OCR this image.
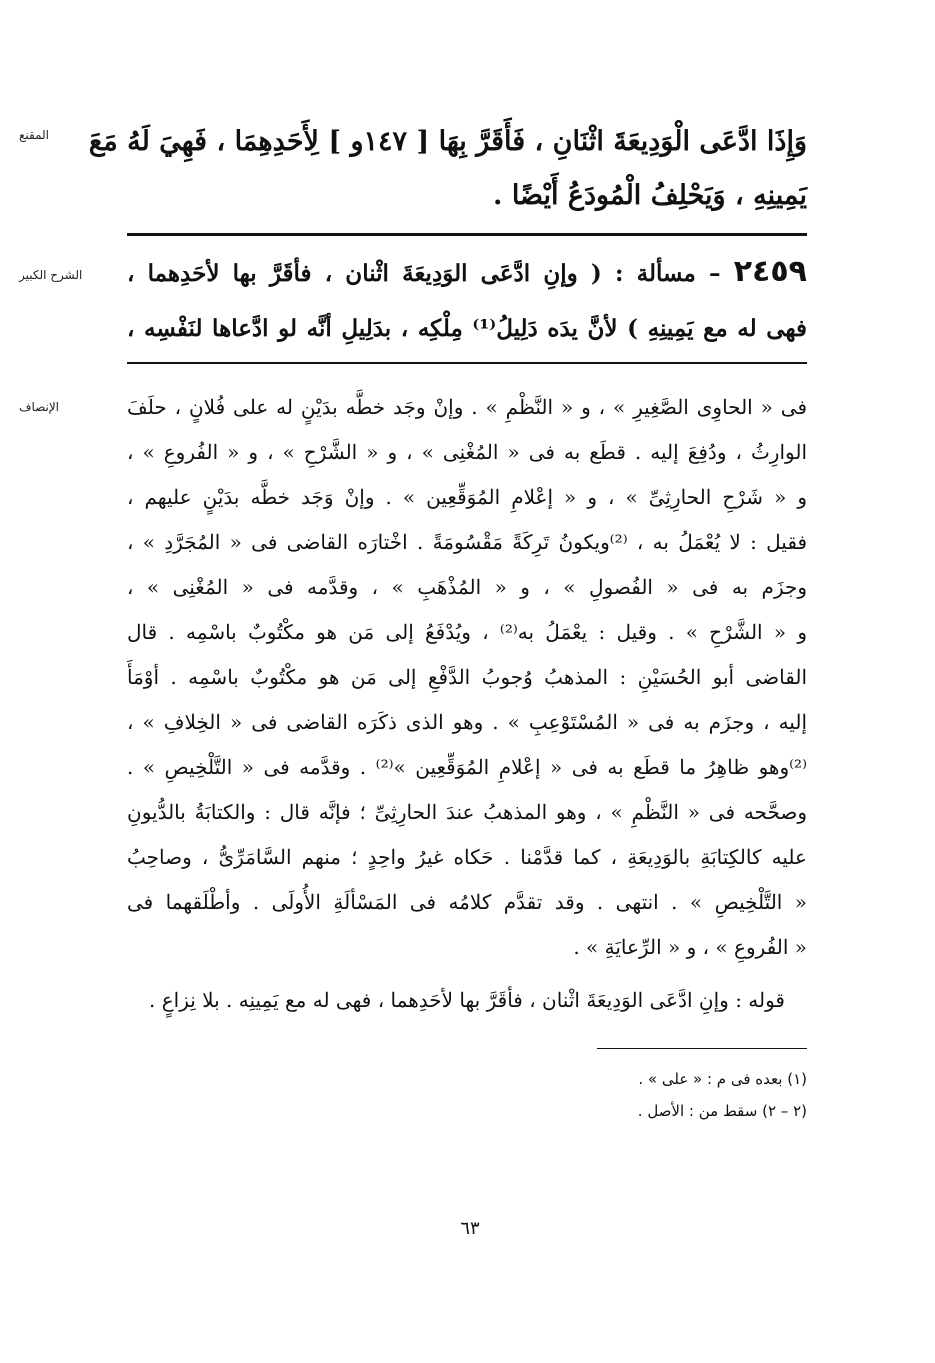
المقنع
الشرح الكبير
الإنصاف
وَإِذَا ادَّعَى الْوَدِيعَةَ اثْنَانِ ، فَأَقَرَّ بِهَا [ ١٤٧و ] لِأَحَدِهِمَا ، فَهِيَ لَهُ مَعَ
يَمِينِهِ ، وَيَحْلِفُ الْمُودَعُ أَيْضًا .
٢٤٥٩ – مسألة : ( وإنِ ادَّعَى الوَدِيعَةَ اثْنان ، فأقَرَّ بها لأحَدِهما ،
فهى له مع يَمِينِهِ ) لأنَّ يدَه دَلِيلُ⁽¹⁾ مِلْكِه ، بدَلِيلِ أنَّه لو ادَّعاها لنَفْسِه ،
فى « الحاوِى الصَّغِيرِ » ، و « النَّظْمِ » . وإنْ وجَد خطَّه بدَيْنٍ له على فُلانٍ ، حلَفَ
الوارِثُ ، ودُفِعَ إليه . قطَع به فى « المُغْنِى » ، و « الشَّرْحِ » ، و « الفُروعِ » ،
و « شَرْحِ الحارِثِىِّ » ، و « إعْلامِ المُوَقِّعِين » . وإنْ وَجَد خطَّه بدَيْنٍ عليهم ،
فقيل : لا يُعْمَلُ به ، ⁽²⁾ويكونُ تَرِكَةً مَقْسُومَةً . اخْتارَه القاضى فى « المُجَرَّدِ » ،
وجزَم به فى « الفُصولِ » ، و « المُذْهَبِ » ، وقدَّمه فى « المُغْنِى » ،
و « الشَّرْحِ » . وقيل : يعْمَلُ به⁽²⁾ ، ويُدْفَعُ إلى مَن هو مكْتُوبٌ باسْمِه . قال
القاضى أبو الحُسَيْنِ : المذهبُ وُجوبُ الدَّفْعِ إلى مَن هو مكْتُوبٌ باسْمِه . أوْمَأَ
إليه ، وجزَم به فى « المُسْتَوْعِبِ » . وهو الذى ذكَرَه القاضى فى « الخِلافِ » ،
⁽²⁾وهو ظاهِرُ ما قطَع به فى « إعْلامِ المُوَقِّعِين »⁽²⁾ . وقدَّمه فى « التَّلْخِيصِ » .
وصحَّحه فى « النَّظْمِ » ، وهو المذهبُ عندَ الحارِثِىِّ ؛ فإنَّه قال : والكتابَةُ بالدُّيونِ
عليه كالكِتابَةِ بالوَدِيعَةِ ، كما قدَّمْنا . حَكاه غيرُ واحِدٍ ؛ منهم السَّامَرِّىُّ ، وصاحِبُ
« التَّلْخِيصِ » . انتهى . وقد تقدَّم كلامُه فى المَسْألَةِ الأُولَى . وأطْلَقهما فى
« الفُروعِ » ، و « الرِّعايَةِ » .
قوله : وإنِ ادَّعَى الوَدِيعَةَ اثْنان ، فأقَرَّ بها لأحَدِهما ، فهى له مع يَمِينِه . بلا نِزاعٍ .
(١) بعده فى م : « على » .
(٢ – ٢) سقط من : الأصل .
٦٣
